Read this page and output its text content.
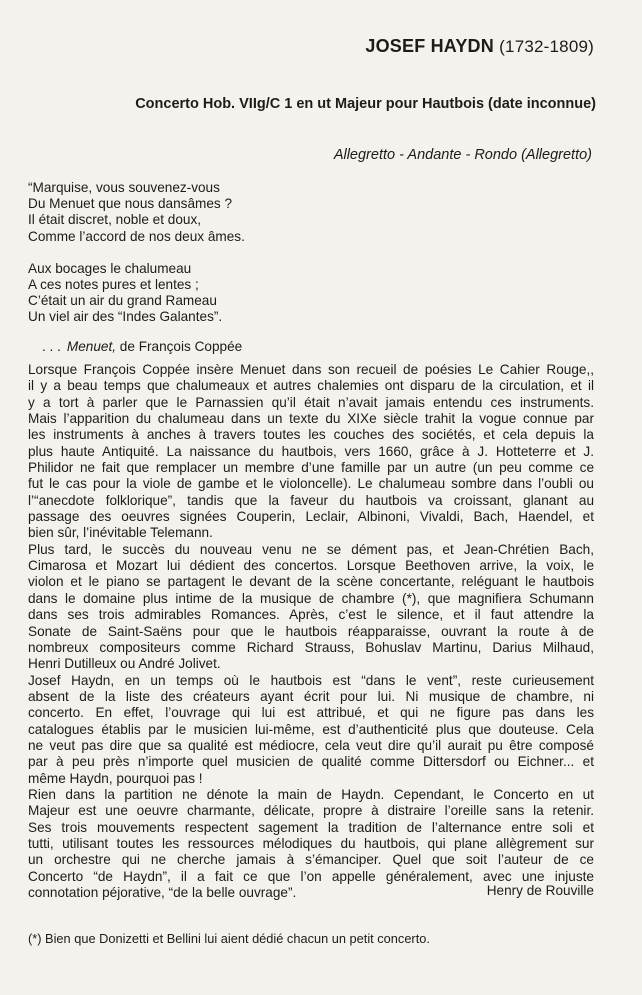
JOSEF HAYDN (1732-1809)
Concerto Hob. VIIg/C 1 en ut Majeur pour Hautbois (date inconnue)
Allegretto - Andante - Rondo (Allegretto)
“Marquise, vous souvenez-vous
Du Menuet que nous dansâmes ?
Il était discret, noble et doux,
Comme l’accord de nos deux âmes.
Aux bocages le chalumeau
A ces notes pures et lentes ;
C’était un air du grand Rameau
Un viel air des “Indes Galantes”.
. . . Menuet, de François Coppée
Lorsque François Coppée insère Menuet dans son recueil de poésies Le Cahier Rouge,,
il y a beau temps que chalumeaux et autres chalemies ont disparu de la circulation, et il
y a tort à parler que le Parnassien qu’il était n’avait jamais entendu ces instruments.
Mais l’apparition du chalumeau dans un texte du XIXe siècle trahit la vogue connue par
les instruments à anches à travers toutes les couches des sociétés, et cela depuis la
plus haute Antiquité. La naissance du hautbois, vers 1660, grâce à J. Hotteterre et J.
Philidor ne fait que remplacer un membre d’une famille par un autre (un peu comme ce
fut le cas pour la viole de gambe et le violoncelle). Le chalumeau sombre dans l’oubli ou
l’“anecdote folklorique”, tandis que la faveur du hautbois va croissant, glanant au
passage des oeuvres signées Couperin, Leclair, Albinoni, Vivaldi, Bach, Haendel, et
bien sûr, l’inévitable Telemann.
Plus tard, le succès du nouveau venu ne se dément pas, et Jean-Chrétien Bach,
Cimarosa et Mozart lui dédient des concertos. Lorsque Beethoven arrive, la voix, le
violon et le piano se partagent le devant de la scène concertante, reléguant le hautbois
dans le domaine plus intime de la musique de chambre (*), que magnifiera Schumann
dans ses trois admirables Romances. Après, c’est le silence, et il faut attendre la
Sonate de Saint-Saëns pour que le hautbois réapparaisse, ouvrant la route à de
nombreux compositeurs comme Richard Strauss, Bohuslav Martinu, Darius Milhaud,
Henri Dutilleux ou André Jolivet.
Josef Haydn, en un temps où le hautbois est “dans le vent”, reste curieusement
absent de la liste des créateurs ayant écrit pour lui. Ni musique de chambre, ni
concerto. En effet, l’ouvrage qui lui est attribué, et qui ne figure pas dans les
catalogues établis par le musicien lui-même, est d’authenticité plus que douteuse. Cela
ne veut pas dire que sa qualité est médiocre, cela veut dire qu’il aurait pu être composé
par à peu près n’importe quel musicien de qualité comme Dittersdorf ou Eichner... et
même Haydn, pourquoi pas !
Rien dans la partition ne dénote la main de Haydn. Cependant, le Concerto en ut
Majeur est une oeuvre charmante, délicate, propre à distraire l’oreille sans la retenir.
Ses trois mouvements respectent sagement la tradition de l’alternance entre soli et
tutti, utilisant toutes les ressources mélodiques du hautbois, qui plane allègrement sur
un orchestre qui ne cherche jamais à s’émanciper. Quel que soit l’auteur de ce
Concerto “de Haydn”, il a fait ce que l’on appelle généralement, avec une injuste
connotation péjorative, “de la belle ouvrage”.	Henry de Rouville
(*) Bien que Donizetti et Bellini lui aient dédié chacun un petit concerto.
